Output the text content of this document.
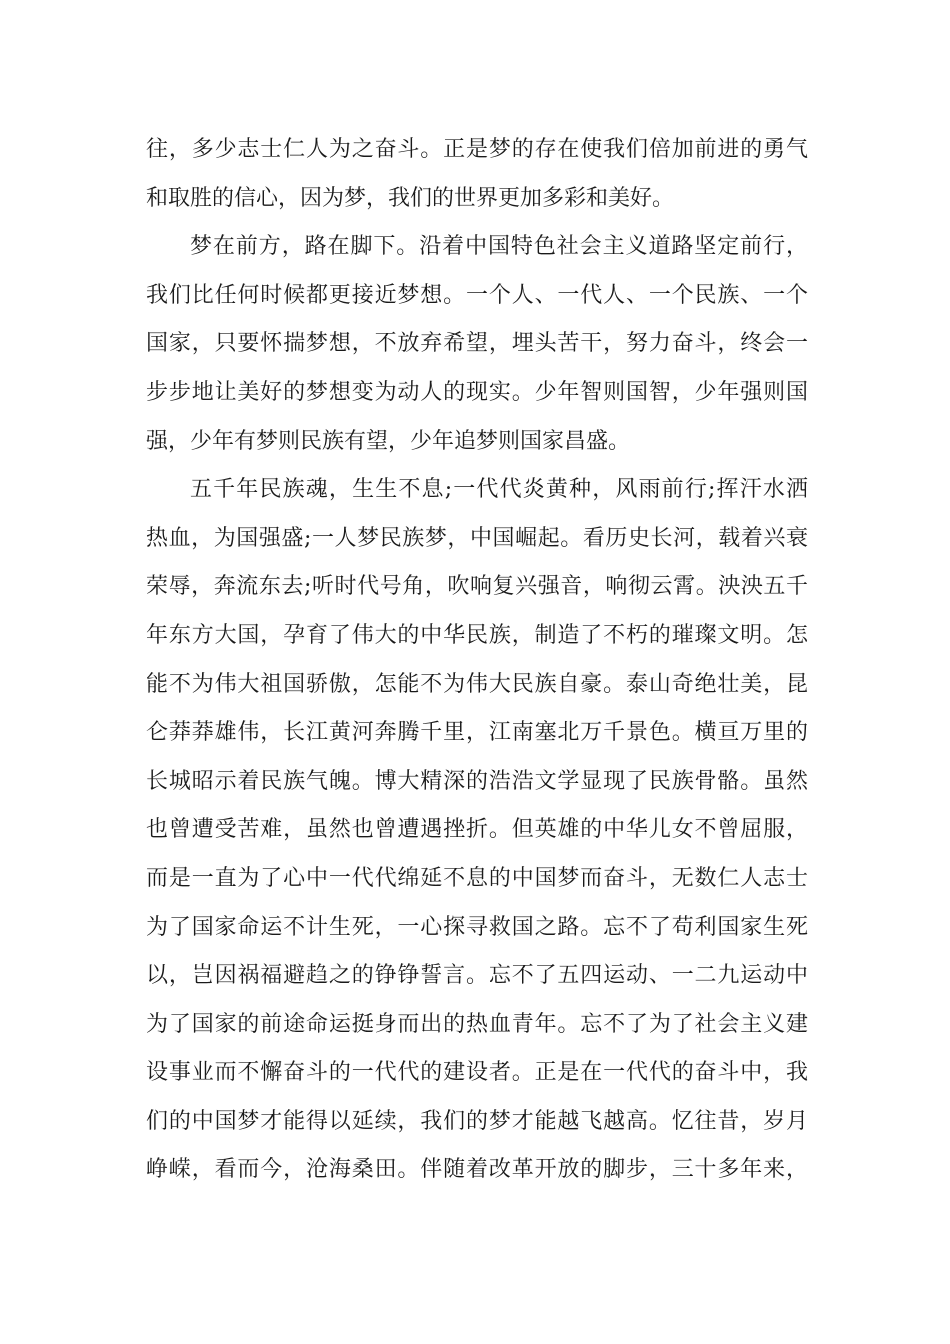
往，多少志士仁人为之奋斗。正是梦的存在使我们倍加前进的勇气
和取胜的信心，因为梦，我们的世界更加多彩和美好。
梦在前方，路在脚下。沿着中国特色社会主义道路坚定前行，
我们比任何时候都更接近梦想。一个人、一代人、一个民族、一个
国家，只要怀揣梦想，不放弃希望，埋头苦干，努力奋斗，终会一
步步地让美好的梦想变为动人的现实。少年智则国智，少年强则国
强，少年有梦则民族有望，少年追梦则国家昌盛。
五千年民族魂，生生不息;一代代炎黄种，风雨前行;挥汗水洒
热血，为国强盛;一人梦民族梦，中国崛起。看历史长河，载着兴衰
荣辱，奔流东去;听时代号角，吹响复兴强音，响彻云霄。泱泱五千
年东方大国，孕育了伟大的中华民族，制造了不朽的璀璨文明。怎
能不为伟大祖国骄傲，怎能不为伟大民族自豪。泰山奇绝壮美，昆
仑莽莽雄伟，长江黄河奔腾千里，江南塞北万千景色。横亘万里的
长城昭示着民族气魄。博大精深的浩浩文学显现了民族骨骼。虽然
也曾遭受苦难，虽然也曾遭遇挫折。但英雄的中华儿女不曾屈服，
而是一直为了心中一代代绵延不息的中国梦而奋斗，无数仁人志士
为了国家命运不计生死，一心探寻救国之路。忘不了苟利国家生死
以，岂因祸福避趋之的铮铮誓言。忘不了五四运动、一二九运动中
为了国家的前途命运挺身而出的热血青年。忘不了为了社会主义建
设事业而不懈奋斗的一代代的建设者。正是在一代代的奋斗中，我
们的中国梦才能得以延续，我们的梦才能越飞越高。忆往昔，岁月
峥嵘，看而今，沧海桑田。伴随着改革开放的脚步，三十多年来，
